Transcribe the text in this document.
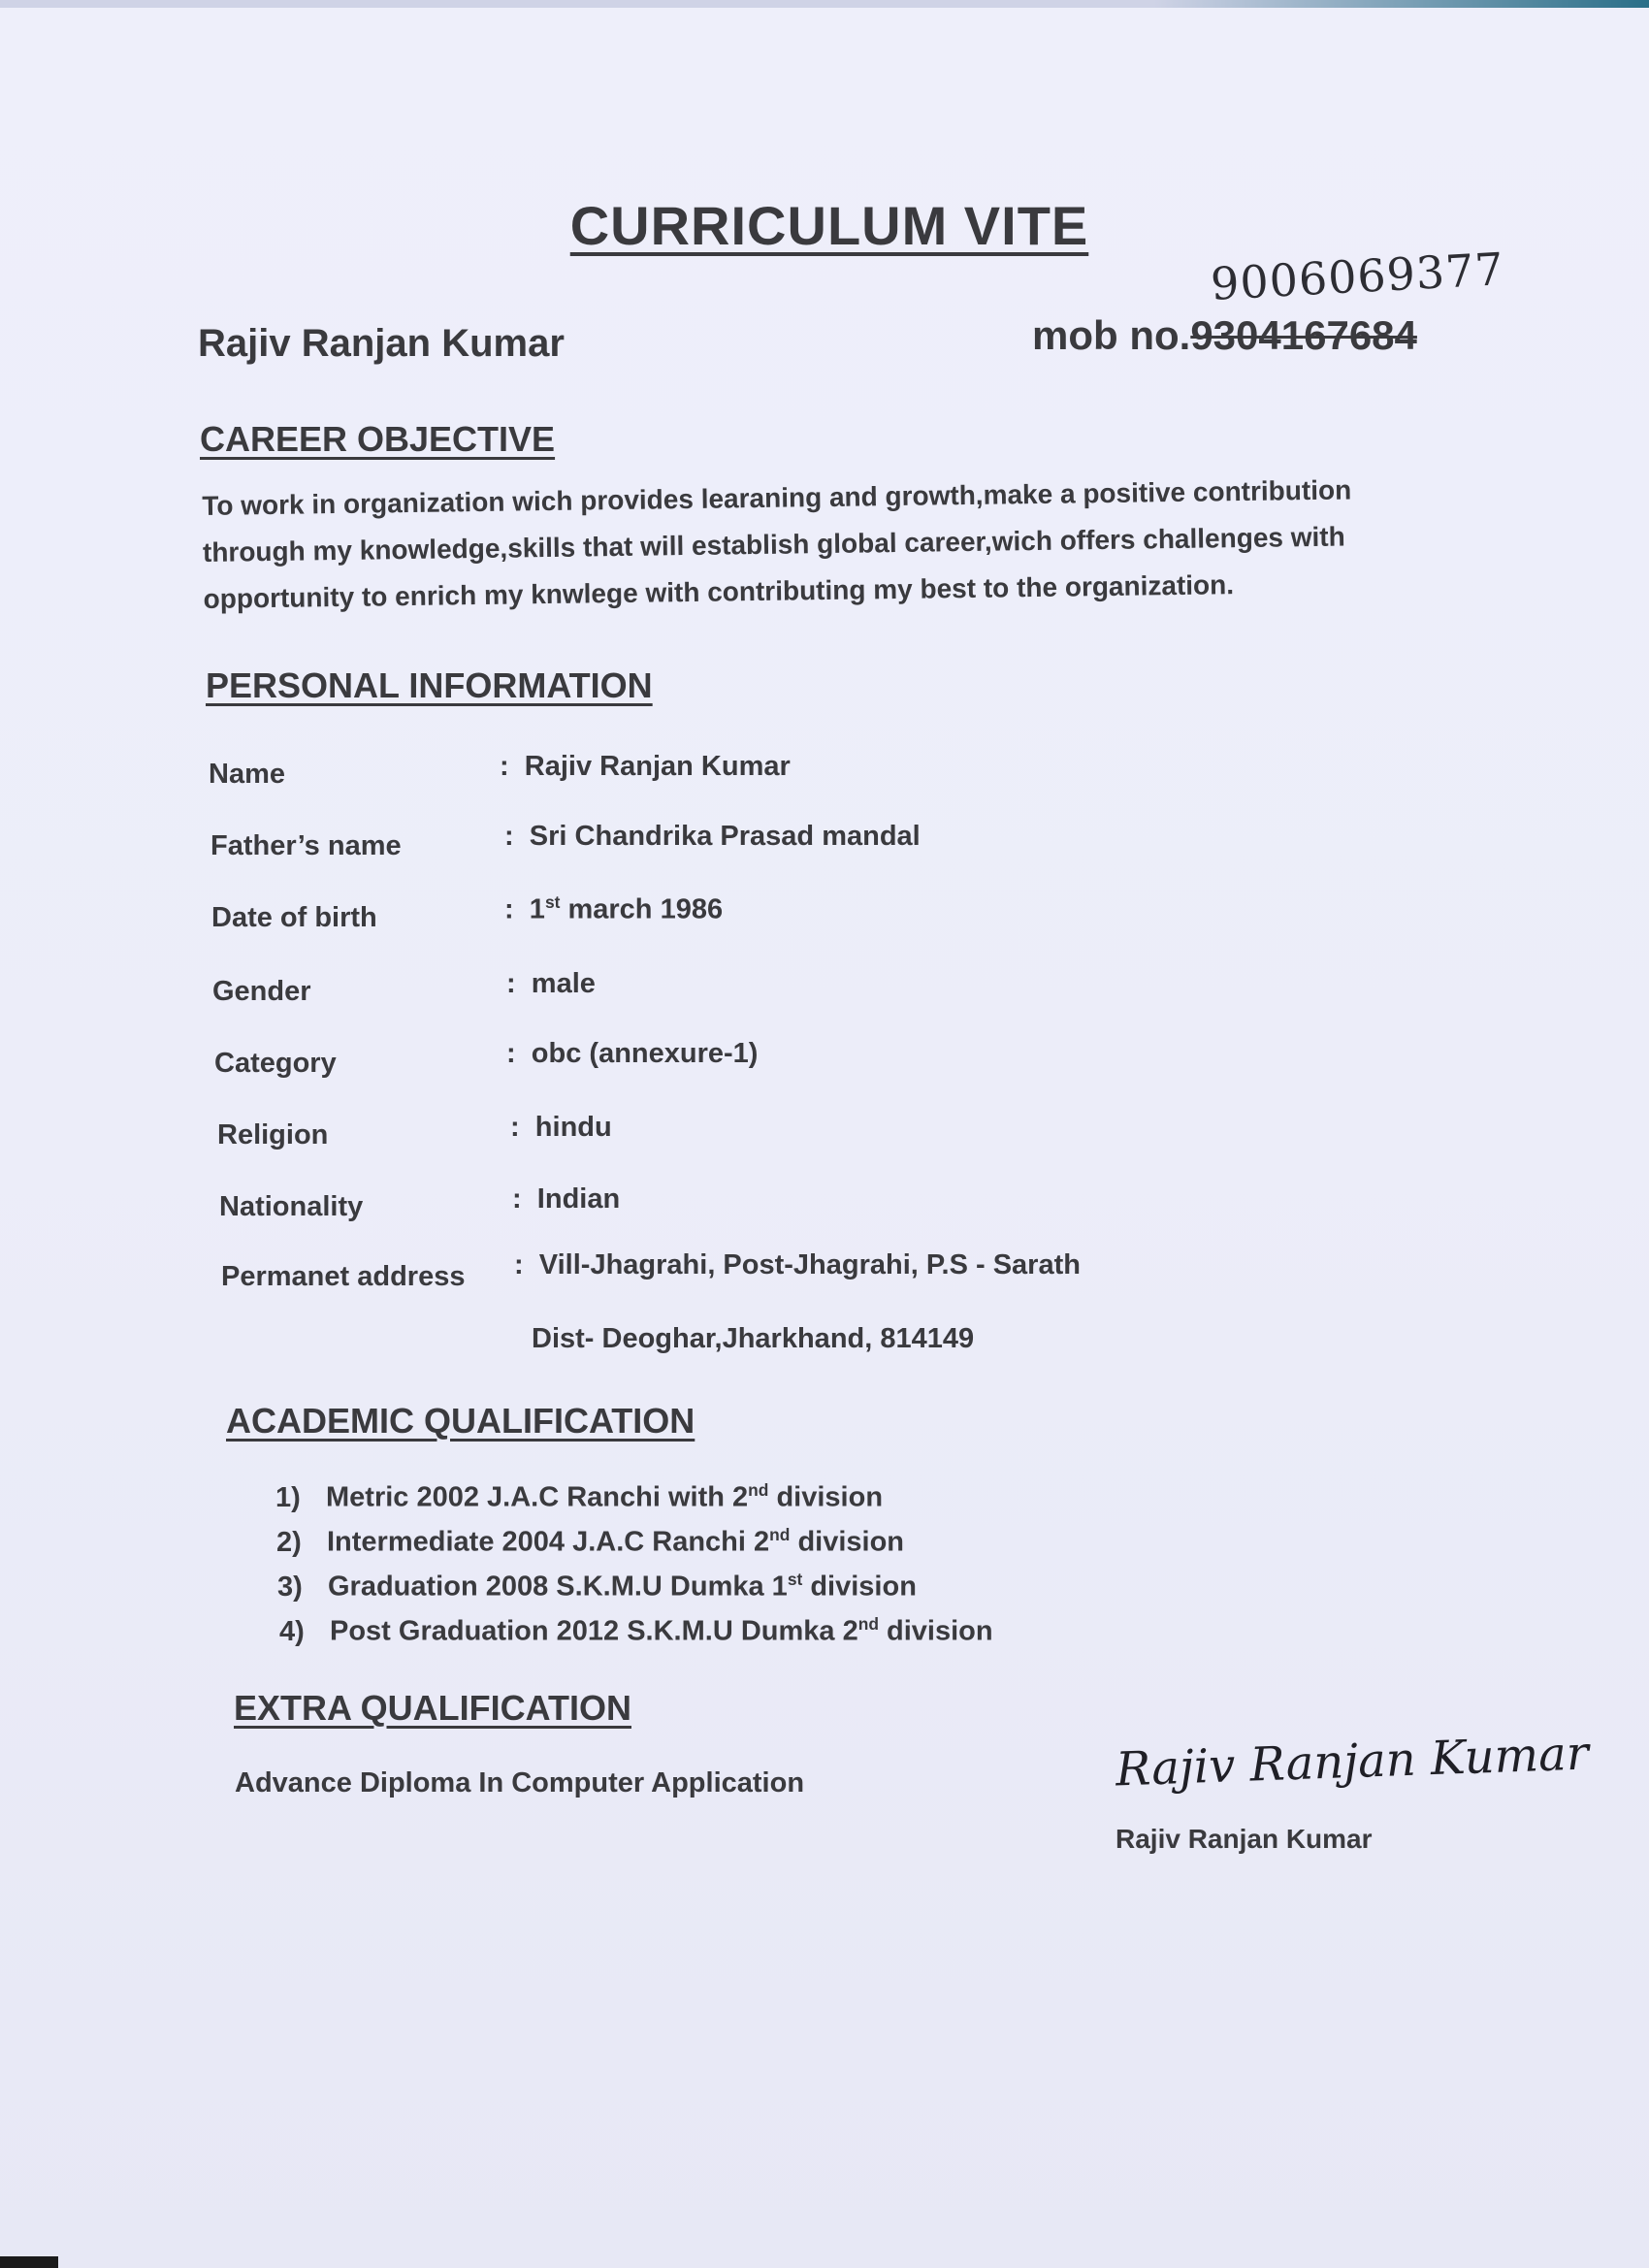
CURRICULUM VITE
Rajiv Ranjan Kumar
9006069377
mob no.9304167684
CAREER OBJECTIVE
To work in organization wich provides learaning and growth,make a positive contribution
through my knowledge,skills that will establish global career,wich offers challenges with
opportunity to enrich my knwlege with contributing my best to the organization.
PERSONAL INFORMATION
Name	: Rajiv Ranjan Kumar
Father’s name	: Sri Chandrika Prasad mandal
Date of birth	: 1st march 1986
Gender	: male
Category	: obc (annexure-1)
Religion	: hindu
Nationality	: Indian
Permanet address : Vill-Jhagrahi, Post-Jhagrahi, P.S - Sarath
Dist- Deoghar,Jharkhand, 814149
ACADEMIC QUALIFICATION
1) Metric 2002 J.A.C Ranchi with 2nd division
2) Intermediate 2004 J.A.C Ranchi 2nd division
3) Graduation 2008 S.K.M.U Dumka 1st division
4) Post Graduation 2012 S.K.M.U Dumka 2nd division
EXTRA QUALIFICATION
Advance Diploma In Computer Application	Rajiv Ranjan Kumar
Rajiv Ranjan Kumar
